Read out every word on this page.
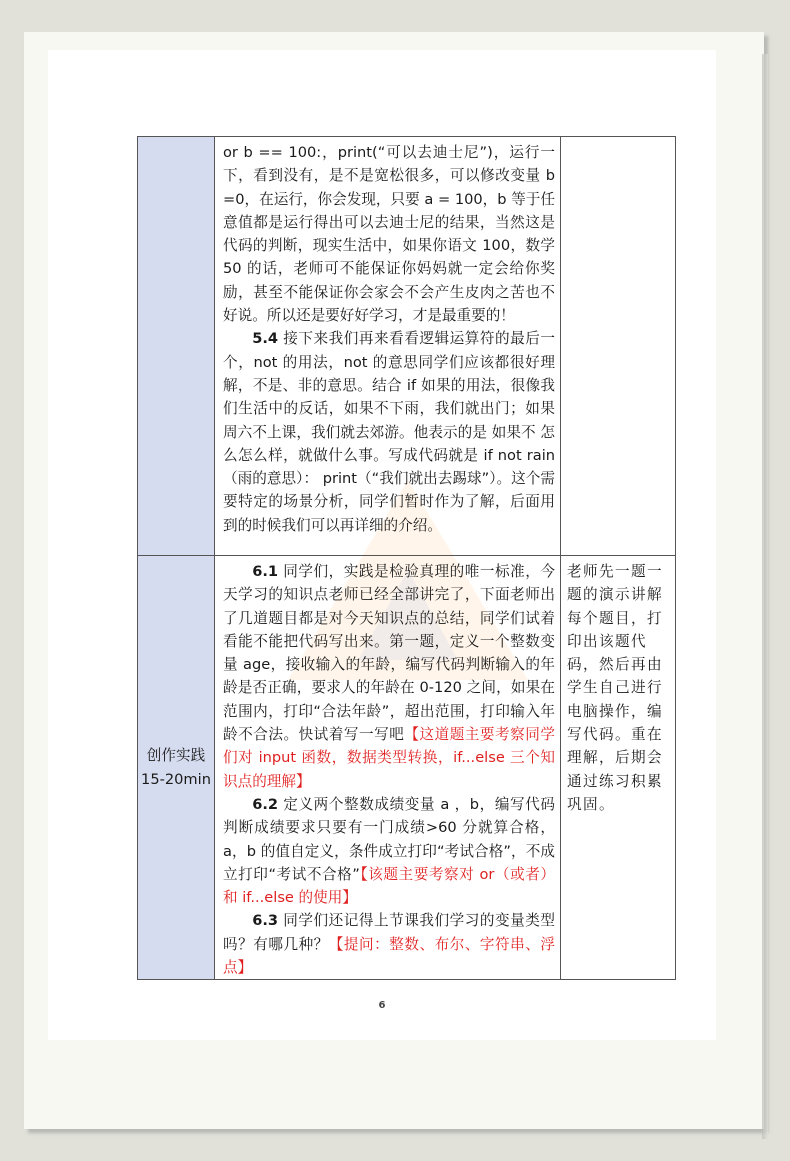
	or b == 100:，print(“可以去迪士尼”)，运行一下，看到没有，是不是宽松很多，可以修改变量 b =0，在运行，你会发现，只要 a = 100，b 等于任意值都是运行得出可以去迪士尼的结果，当然这是代码的判断，现实生活中，如果你语文 100，数学 50 的话，老师可不能保证你妈妈就一定会给你奖励，甚至不能保证你会家会不会产生皮肉之苦也不好说。所以还是要好好学习，才是最重要的！
5.4 接下来我们再来看看逻辑运算符的最后一个，not 的用法，not 的意思同学们应该都很好理解，不是、非的意思。结合 if 如果的用法，很像我们生活中的反话，如果不下雨，我们就出门；如果周六不上课，我们就去郊游。他表示的是 如果不 怎么怎么样，就做什么事。写成代码就是 if not rain（雨的意思）： print（“我们就出去踢球”）。这个需要特定的场景分析，同学们暂时作为了解，后面用到的时候我们可以再详细的介绍。	

创作实践
15-20min	6.1 同学们，实践是检验真理的唯一标准，今天学习的知识点老师已经全部讲完了，下面老师出了几道题目都是对今天知识点的总结，同学们试着看能不能把代码写出来。第一题，定义一个整数变量 age，接收输入的年龄，编写代码判断输入的年龄是否正确，要求人的年龄在 0-120 之间，如果在范围内，打印“合法年龄”，超出范围，打印输入年龄不合法。快试着写一写吧【这道题主要考察同学们对 input 函数，数据类型转换，if...else 三个知识点的理解】
6.2 定义两个整数成绩变量 a ，b，编写代码判断成绩要求只要有一门成绩>60 分就算合格，a，b 的值自定义，条件成立打印“考试合格”，不成立打印“考试不合格”【该题主要考察对 or（或者）和 if...else 的使用】
6.3 同学们还记得上节课我们学习的变量类型吗？有哪几种？【提问：整数、布尔、字符串、浮点】	老师先一题一题的演示讲解每个题目，打印出该题代码，然后再由学生自己进行电脑操作，编写代码。重在理解，后期会通过练习积累巩固。
6
